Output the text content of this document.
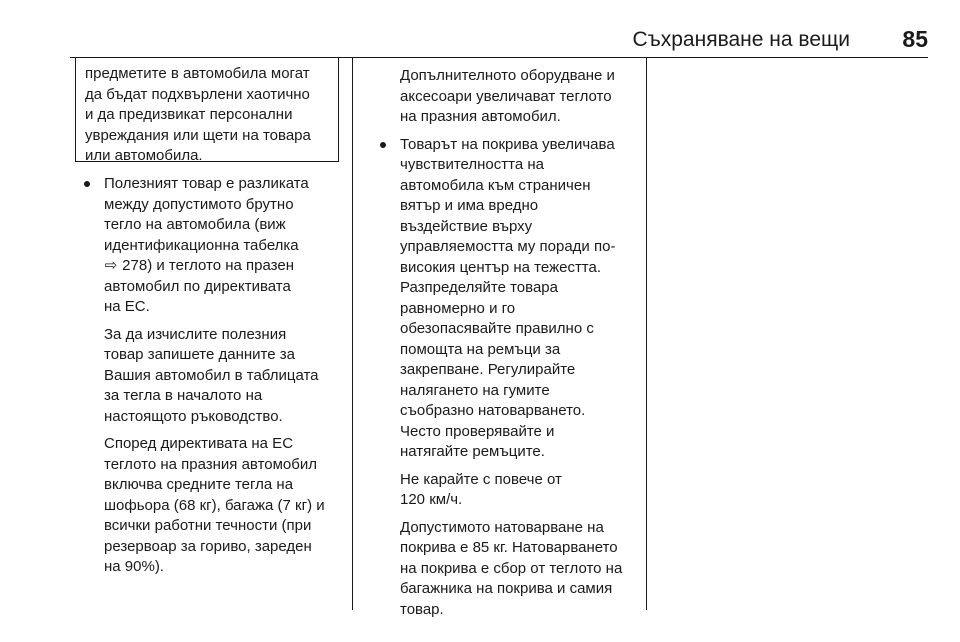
Съхраняване на вещи	85
предметите в автомобила могат
да бъдат подхвърлени хаотично
и да предизвикат персонални
увреждания или щети на товара
или автомобила.
Полезният товар е разликата
между допустимото брутно
тегло на автомобила (виж
идентификационна табелка
⇨ 278) и теглото на празен
автомобил по директивата
на ЕС.
За да изчислите полезния
товар запишете данните за
Вашия автомобил в таблицата
за тегла в началото на
настоящото ръководство.
Според директивата на ЕС
теглото на празния автомобил
включва средните тегла на
шофьора (68 кг), багажа (7 кг) и
всички работни течности (при
резервоар за гориво, зареден
на 90%).
Допълнителното оборудване и
аксесоари увеличават теглото
на празния автомобил.
Товарът на покрива увеличава
чувствителността на
автомобила към страничен
вятър и има вредно
въздействие върху
управляемостта му поради по-
високия център на тежестта.
Разпределяйте товара
равномерно и го
обезопасявайте правилно с
помощта на ремъци за
закрепване. Регулирайте
налягането на гумите
съобразно натоварването.
Често проверявайте и
натягайте ремъците.
Не карайте с повече от
120 км/ч.
Допустимото натоварване на
покрива е 85 кг. Натоварването
на покрива е сбор от теглото на
багажника на покрива и самия
товар.
